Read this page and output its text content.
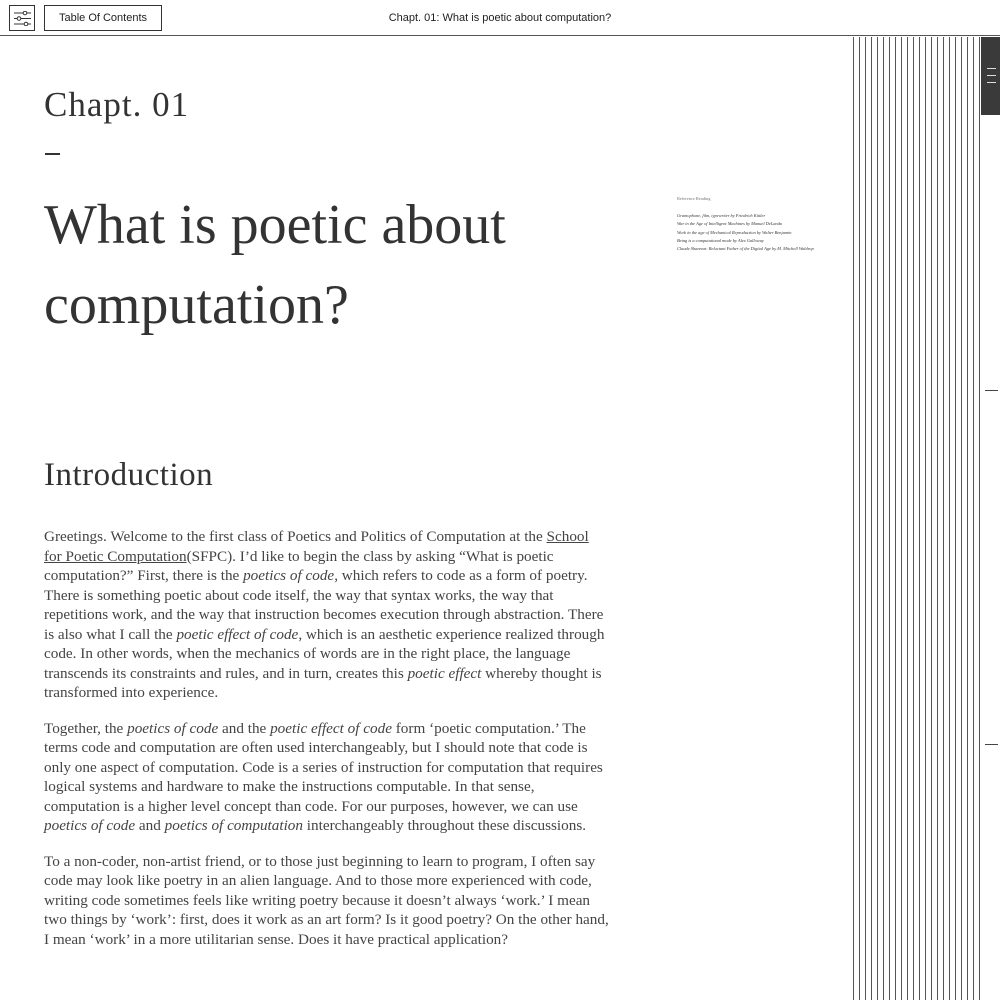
Table Of Contents	Chapt. 01: What is poetic about computation?
Chapt. 01
What is poetic about computation?
Introduction

Greetings. Welcome to the first class of Poetics and Politics of Computation at the School for Poetic Computation(SFPC). I’d like to begin the class by asking “What is poetic computation?” First, there is the poetics of code, which refers to code as a form of poetry. There is something poetic about code itself, the way that syntax works, the way that repetitions work, and the way that instruction becomes execution through abstraction. There is also what I call the poetic effect of code, which is an aesthetic experience realized through code. In other words, when the mechanics of words are in the right place, the language transcends its constraints and rules, and in turn, creates this poetic effect whereby thought is transformed into experience.

Together, the poetics of code and the poetic effect of code form ‘poetic computation.’ The terms code and computation are often used interchangeably, but I should note that code is only one aspect of computation. Code is a series of instruction for computation that requires logical systems and hardware to make the instructions computable. In that sense, computation is a higher level concept than code. For our purposes, however, we can use poetics of code and poetics of computation interchangeably throughout these discussions.

To a non-coder, non-artist friend, or to those just beginning to learn to program, I often say code may look like poetry in an alien language. And to those more experienced with code, writing code sometimes feels like writing poetry because it doesn’t always ‘work.’ I mean two things by ‘work’: first, does it work as an art form? Is it good poetry? On the other hand, I mean ‘work’ in a more utilitarian sense. Does it have practical application?

Reference Reading
Gramophone, film, typewriter by Friedrich Kittler
War in the Age of Intelligent Machines by Manuel DeLanda
Work in the age of Mechanical Reproduction by Walter Benjamin
Being is a computational mode by Alex Galloway
Claude Shannon: Reluctant Father of the Digital Age by M. Mitchell Waldrop
